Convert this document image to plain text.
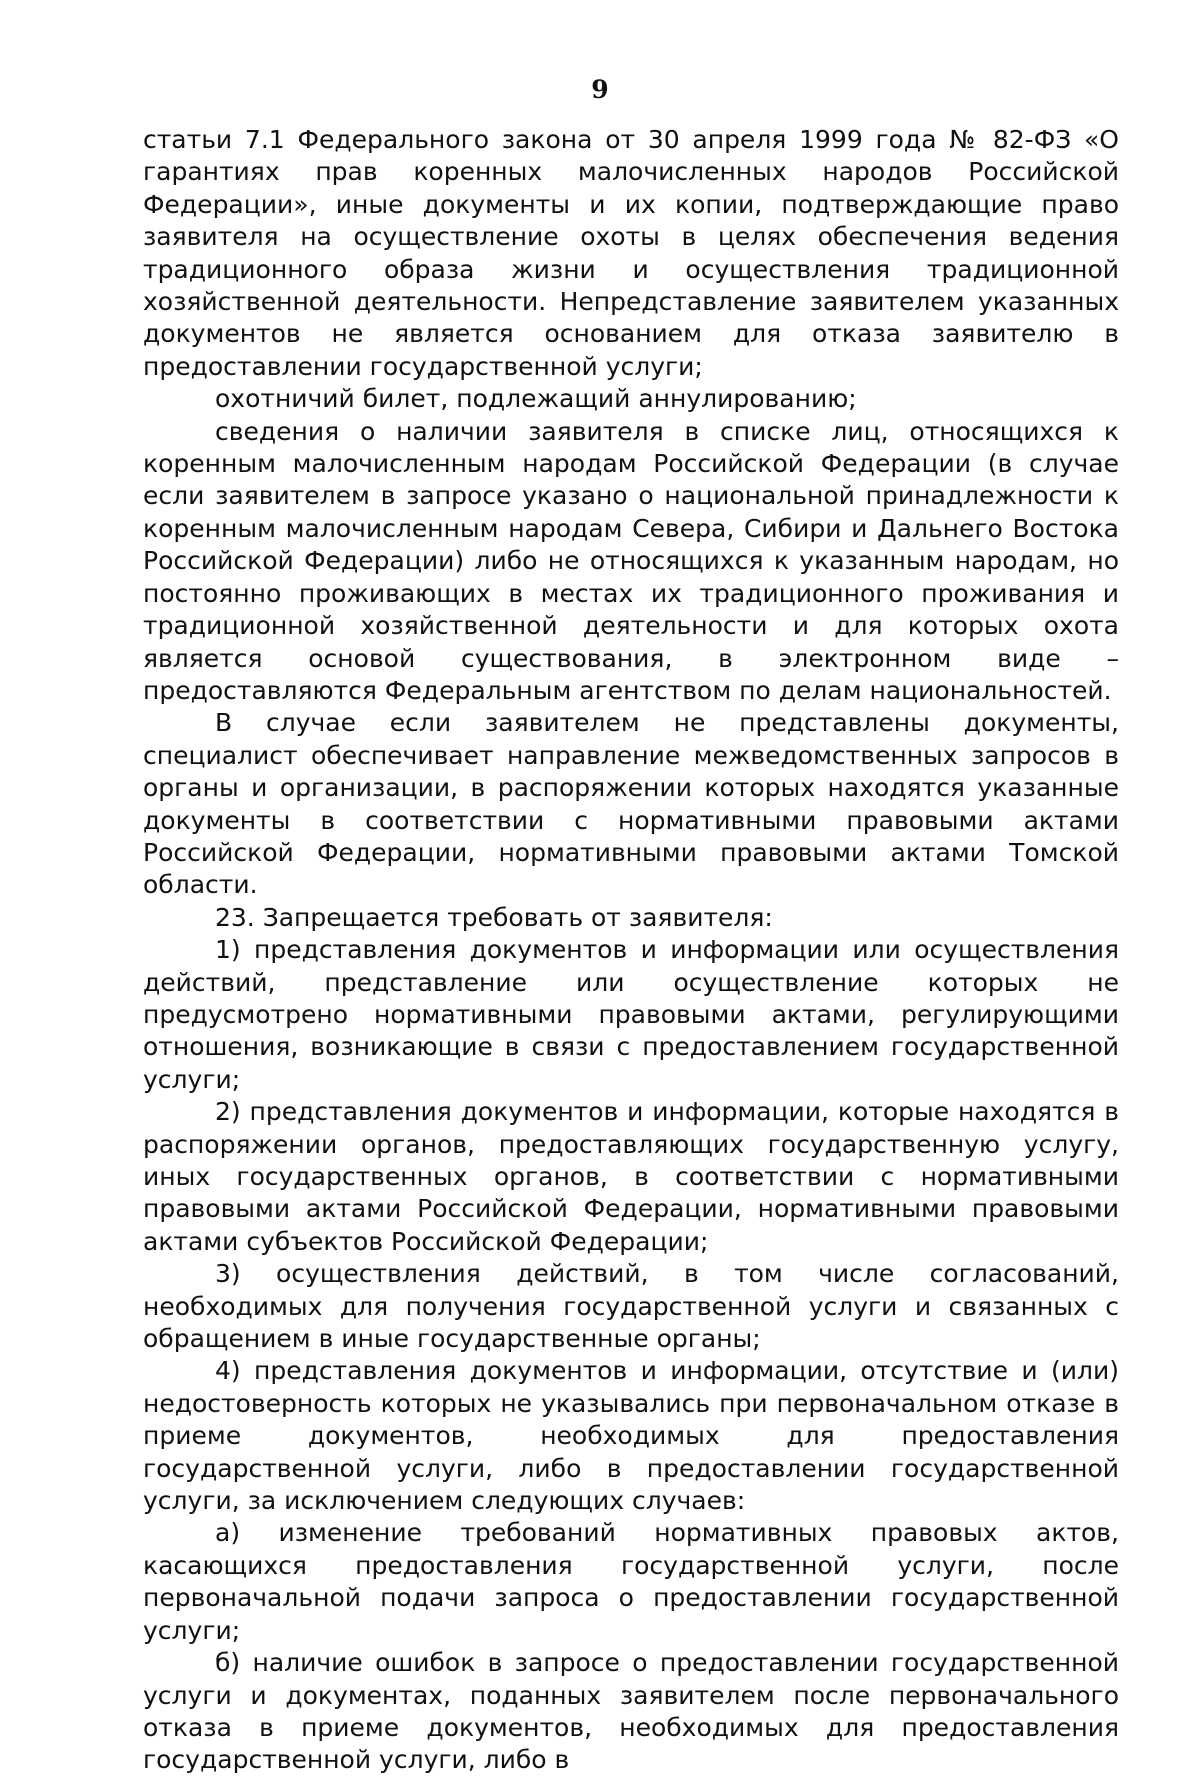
9

статьи 7.1 Федерального закона от 30 апреля 1999 года № 82-ФЗ «О гарантиях прав коренных малочисленных народов Российской Федерации», иные документы и их копии, подтверждающие право заявителя на осуществление охоты в целях обеспечения ведения традиционного образа жизни и осуществления традиционной хозяйственной деятельности. Непредставление заявителем указанных документов не является основанием для отказа заявителю в предоставлении государственной услуги;

охотничий билет, подлежащий аннулированию;

сведения о наличии заявителя в списке лиц, относящихся к коренным малочисленным народам Российской Федерации (в случае если заявителем в запросе указано о национальной принадлежности к коренным малочисленным народам Севера, Сибири и Дальнего Востока Российской Федерации) либо не относящихся к указанным народам, но постоянно проживающих в местах их традиционного проживания и традиционной хозяйственной деятельности и для которых охота является основой существования, в электронном виде – предоставляются Федеральным агентством по делам национальностей.

В случае если заявителем не представлены документы, специалист обеспечивает направление межведомственных запросов в органы и организации, в распоряжении которых находятся указанные документы в соответствии с нормативными правовыми актами Российской Федерации, нормативными правовыми актами Томской области.

23. Запрещается требовать от заявителя:

1) представления документов и информации или осуществления действий, представление или осуществление которых не предусмотрено нормативными правовыми актами, регулирующими отношения, возникающие в связи с предоставлением государственной услуги;

2) представления документов и информации, которые находятся в распоряжении органов, предоставляющих государственную услугу, иных государственных органов, в соответствии с нормативными правовыми актами Российской Федерации, нормативными правовыми актами субъектов Российской Федерации;

3) осуществления действий, в том числе согласований, необходимых для получения государственной услуги и связанных с обращением в иные государственные органы;

4) представления документов и информации, отсутствие и (или) недостоверность которых не указывались при первоначальном отказе в приеме документов, необходимых для предоставления государственной услуги, либо в предоставлении государственной услуги, за исключением следующих случаев:

а) изменение требований нормативных правовых актов, касающихся предоставления государственной услуги, после первоначальной подачи запроса о предоставлении государственной услуги;

б) наличие ошибок в запросе о предоставлении государственной услуги и документах, поданных заявителем после первоначального отказа в приеме документов, необходимых для предоставления государственной услуги, либо в
